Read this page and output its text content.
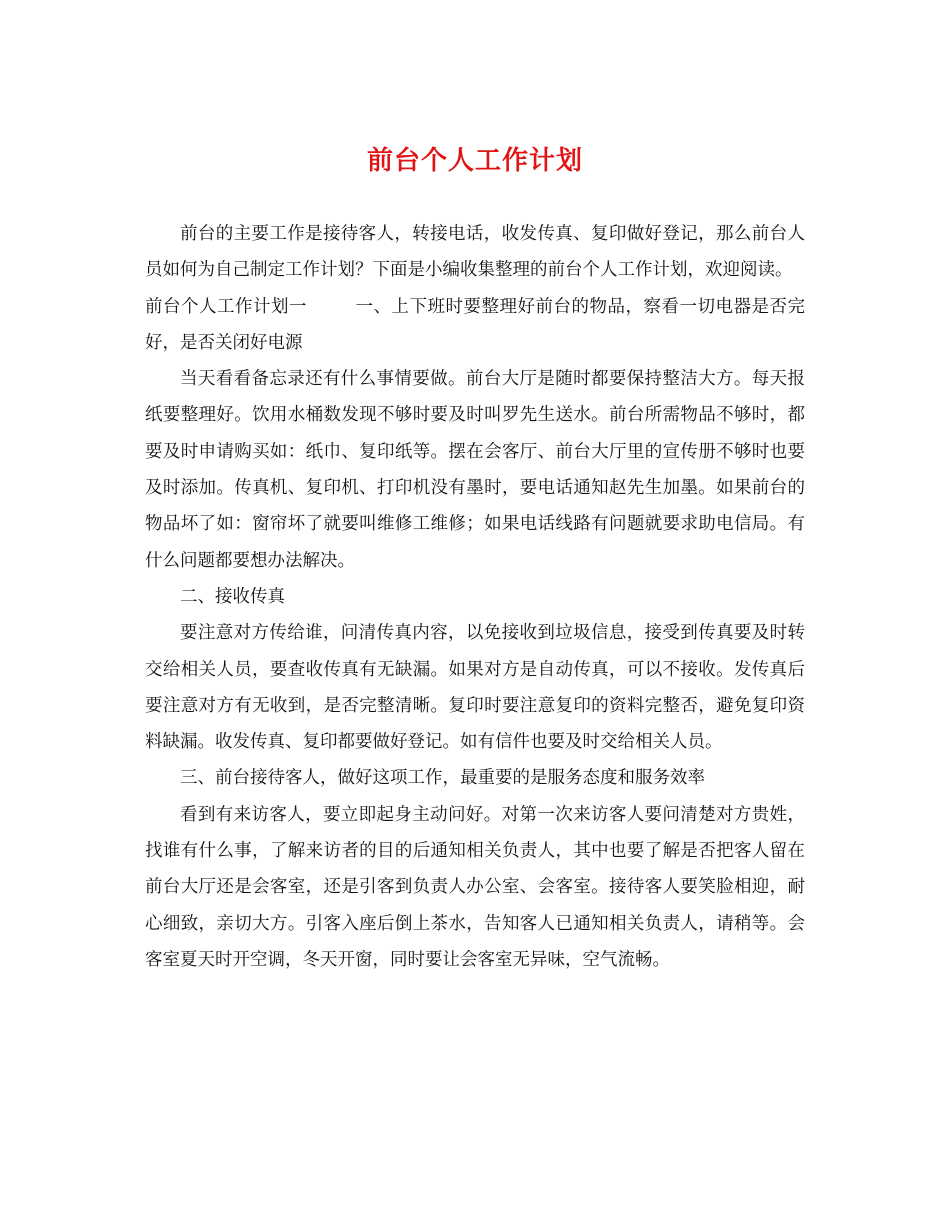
前台个人工作计划

前台的主要工作是接待客人，转接电话，收发传真、复印做好登记，那么前台人员如何为自己制定工作计划？下面是小编收集整理的前台个人工作计划，欢迎阅读。

前台个人工作计划一	一、上下班时要整理好前台的物品，察看一切电器是否完好，是否关闭好电源

当天看看备忘录还有什么事情要做。前台大厅是随时都要保持整洁大方。每天报纸要整理好。饮用水桶数发现不够时要及时叫罗先生送水。前台所需物品不够时，都要及时申请购买如：纸巾、复印纸等。摆在会客厅、前台大厅里的宣传册不够时也要及时添加。传真机、复印机、打印机没有墨时，要电话通知赵先生加墨。如果前台的物品坏了如：窗帘坏了就要叫维修工维修；如果电话线路有问题就要求助电信局。有什么问题都要想办法解决。

二、接收传真

要注意对方传给谁，问清传真内容，以免接收到垃圾信息，接受到传真要及时转交给相关人员，要查收传真有无缺漏。如果对方是自动传真，可以不接收。发传真后要注意对方有无收到，是否完整清晰。复印时要注意复印的资料完整否，避免复印资料缺漏。收发传真、复印都要做好登记。如有信件也要及时交给相关人员。

三、前台接待客人，做好这项工作，最重要的是服务态度和服务效率

看到有来访客人，要立即起身主动问好。对第一次来访客人要问清楚对方贵姓，找谁有什么事，了解来访者的目的后通知相关负责人，其中也要了解是否把客人留在前台大厅还是会客室，还是引客到负责人办公室、会客室。接待客人要笑脸相迎，耐心细致，亲切大方。引客入座后倒上茶水，告知客人已通知相关负责人，请稍等。会客室夏天时开空调，冬天开窗，同时要让会客室无异味，空气流畅。
